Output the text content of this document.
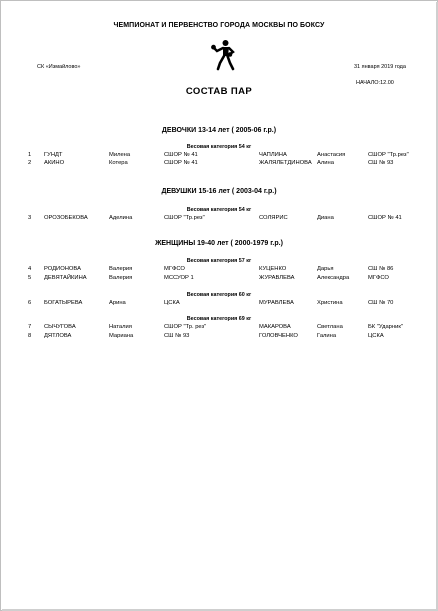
ЧЕМПИОНАТ И ПЕРВЕНСТВО ГОРОДА МОСКВЫ ПО БОКСУ
СК «Измайлово»	31 января 2019 года
НАЧАЛО:12.00
СОСТАВ ПАР
ДЕВОЧКИ 13-14 лет ( 2005-06 г.р.)
Весовая категория 54 кг
1 ГУНДТ	Милена	СШОР № 41	ЧАПЛИНА	Анастасия	СШОР "Тр.рез"
2 АКИНО	Котера	СШОР № 41	ЖАЛЯЛЕТДИНОВА Алина	СШ № 93
ДЕВУШКИ 15-16 лет ( 2003-04 г.р.)
Весовая категория 54 кг
3 ОРОЗОБЕКОВА	Аделина	СШОР "Тр.рез"	СОЛЯРИС	Диана	СШОР № 41
ЖЕНЩИНЫ 19-40 лет ( 2000-1979 г.р.)
Весовая категория 57 кг
4 РОДИОНОВА	Валерия	МГФСО	КУЦЕНКО	Дарья	СШ № 86
5 ДЕВЯТАЙКИНА	Валерия	МССУОР 1	ЖУРАВЛЕВА	Александра	МГФСО
Весовая категория 60 кг
6 БОГАТЫРЕВА	Арина	ЦСКА	МУРАВЛЕВА	Христина	СШ № 70
Весовая категория 69 кг
7 СЫЧУГОВА	Наталия	СШОР "Тр. рез"	МАКАРОВА	Светлана	БК "Ударник"
8 ДЯТЛОВА	Мариана	СШ № 93	ГОЛОВЧЕНКО	Галина	ЦСКА
